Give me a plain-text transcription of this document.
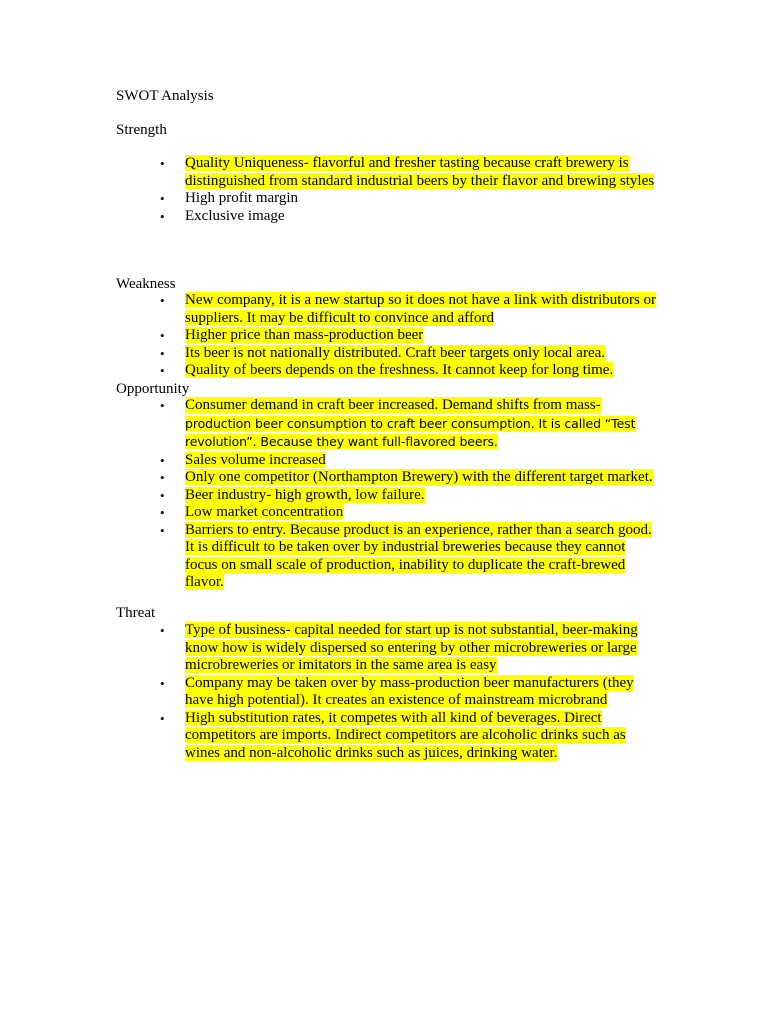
SWOT Analysis
Strength
•	Quality Uniqueness- flavorful and fresher tasting because craft brewery is distinguished from standard industrial beers by their flavor and brewing styles
•	High profit margin
•	Exclusive image
Weakness
•	New company, it is a new startup so it does not have a link with distributors or suppliers. It may be difficult to convince and afford
•	Higher price than mass-production beer
•	Its beer is not nationally distributed. Craft beer targets only local area.
•	Quality of beers depends on the freshness. It cannot keep for long time.
Opportunity
•	Consumer demand in craft beer increased. Demand shifts from mass-production beer consumption to craft beer consumption. It is called “Test revolution”. Because they want full-flavored beers.
•	Sales volume increased
•	Only one competitor (Northampton Brewery) with the different target market.
•	Beer industry- high growth, low failure.
•	Low market concentration
•	Barriers to entry. Because product is an experience, rather than a search good. It is difficult to be taken over by industrial breweries because they cannot focus on small scale of production, inability to duplicate the craft-brewed flavor.
Threat
•	Type of business- capital needed for start up is not substantial, beer-making know how is widely dispersed so entering by other microbreweries or large microbreweries or imitators in the same area is easy
•	Company may be taken over by mass-production beer manufacturers (they have high potential). It creates an existence of mainstream microbrand
•	High substitution rates, it competes with all kind of beverages. Direct competitors are imports. Indirect competitors are alcoholic drinks such as wines and non-alcoholic drinks such as juices, drinking water.
